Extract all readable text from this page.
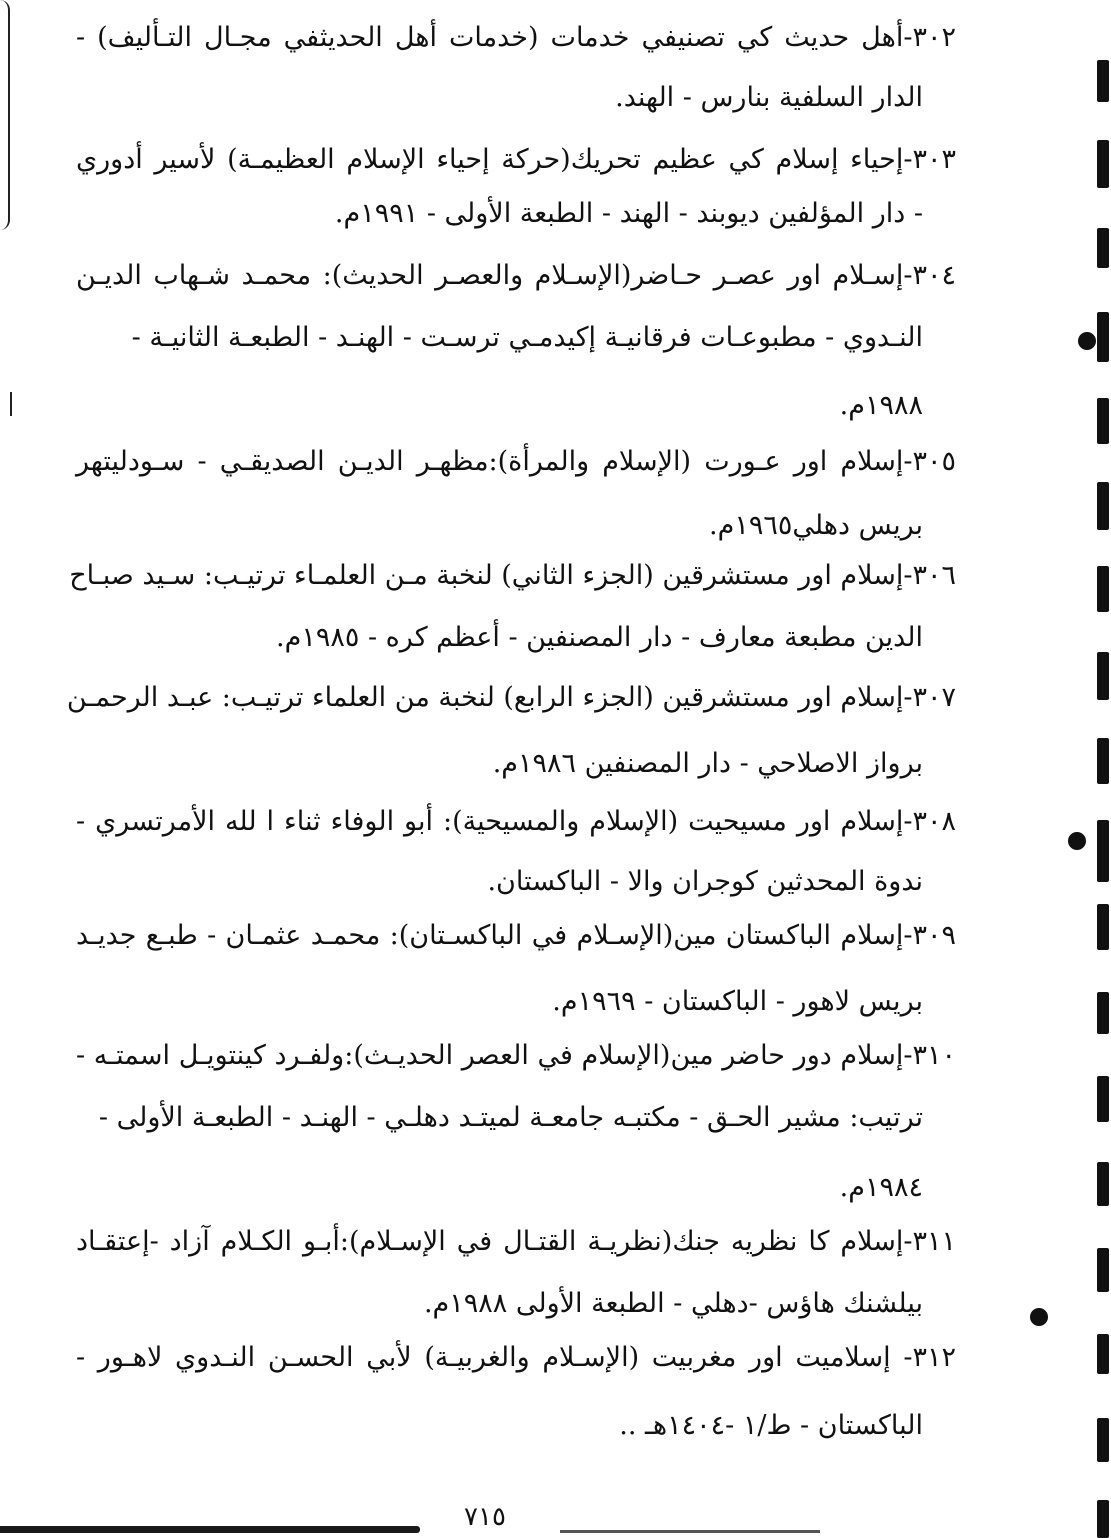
٣٠٢-أهل حديث كي تصنيفي خدمات (خدمات أهل الحديثفي مجـال التـأليف) -
الدار السلفية بنارس - الهند.
٣٠٣-إحياء إسلام كي عظيم تحريك(حركة إحياء الإسلام العظيمـة) لأسير أدوري
- دار المؤلفين ديوبند - الهند - الطبعة الأولى - ١٩٩١م.
٣٠٤-إسـلام اور عصـر حـاضر(الإسـلام والعصـر الحديث): محمـد شـهاب الديـن
النـدوي - مطبوعـات فرقانيـة إكيدمـي ترسـت - الهنـد - الطبعـة الثانيـة -
١٩٨٨م.
٣٠٥-إسلام اور عـورت (الإسلام والمرأة):مظهـر الديـن الصديقـي - سـودليتهر
بريس دهلي١٩٦٥م.
٣٠٦-إسلام اور مستشرقين (الجزء الثاني) لنخبة مـن العلمـاء ترتيـب: سـيد صبـاح
الدين مطبعة معارف - دار المصنفين - أعظم كره - ١٩٨٥م.
٣٠٧-إسلام اور مستشرقين (الجزء الرابع) لنخبة من العلماء ترتيـب: عبـد الرحمـن
برواز الاصلاحي - دار المصنفين ١٩٨٦م.
٣٠٨-إسلام اور مسيحيت (الإسلام والمسيحية): أبو الوفاء ثناء ا لله الأمرتسري -
ندوة المحدثين كوجران والا - الباكستان.
٣٠٩-إسلام الباكستان مين(الإسـلام في الباكسـتان): محمـد عثمـان - طبـع جديـد
بريس لاهور - الباكستان - ١٩٦٩م.
٣١٠-إسلام دور حاضر مين(الإسلام في العصر الحديـث):ولفـرد كينتويـل اسمتـه -
ترتيب: مشير الحـق - مكتبـه جامعـة لميتـد دهلـي - الهنـد - الطبعـة الأولى -
١٩٨٤م.
٣١١-إسلام كا نظريه جنك(نظريـة القتـال في الإسـلام):أبـو الكـلام آزاد -إعتقـاد
بيلشنك هاؤس -دهلي - الطبعة الأولى ١٩٨٨م.
٣١٢- إسلاميت اور مغربيت (الإسـلام والغربيـة) لأبي الحسـن النـدوي لاهـور -
الباكستان - ط/١ -١٤٠٤هـ ..
٧١٥
